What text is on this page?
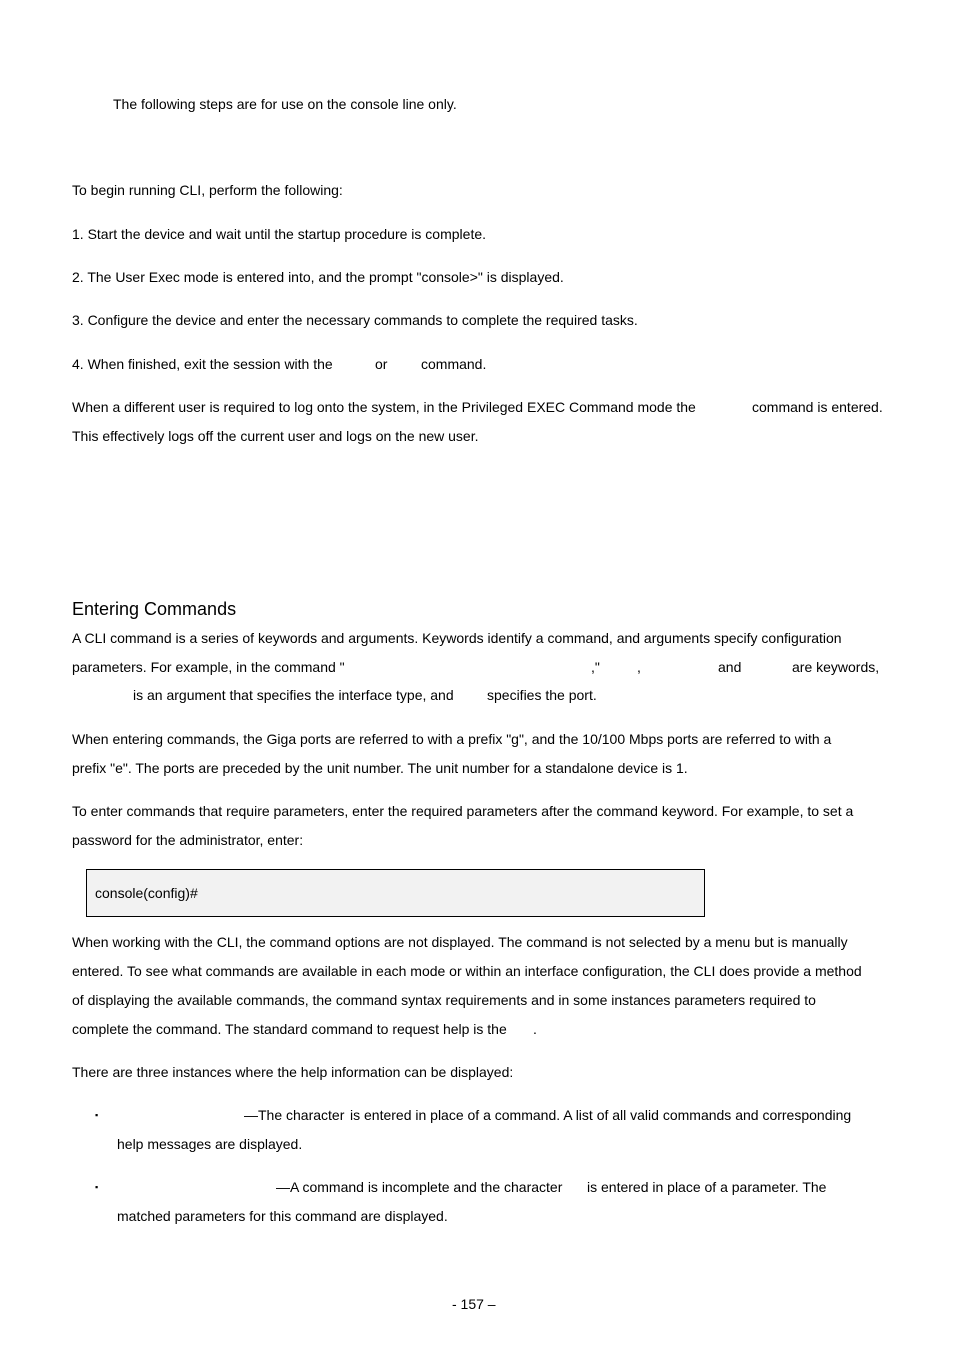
The following steps are for use on the console line only.
To begin running CLI, perform the following:
1. Start the device and wait until the startup procedure is complete.
2. The User Exec mode is entered into, and the prompt "console>" is displayed.
3. Configure the device and enter the necessary commands to complete the required tasks.
4. When finished, exit the session with the	or command.
When a different user is required to log onto the system, in the Privileged EXEC Command mode the	command is entered.
This effectively logs off the current user and logs on the new user.
Entering Commands
A CLI command is a series of keywords and arguments. Keywords identify a command, and arguments specify configuration
parameters. For example, in the command "	,"	,	and	are keywords,
is an argument that specifies the interface type, and specifies the port.
When entering commands, the Giga ports are referred to with a prefix "g", and the 10/100 Mbps ports are referred to with a
prefix "e". The ports are preceded by the unit number. The unit number for a standalone device is 1.
To enter commands that require parameters, enter the required parameters after the command keyword. For example, to set a
password for the administrator, enter:
console(config)#
When working with the CLI, the command options are not displayed. The command is not selected by a menu but is manually
entered. To see what commands are available in each mode or within an interface configuration, the CLI does provide a method
of displaying the available commands, the command syntax requirements and in some instances parameters required to
complete the command. The standard command to request help is the .
There are three instances where the help information can be displayed:
▪	—The character is entered in place of a command. A list of all valid commands and corresponding
help messages are displayed.
▪	—A command is incomplete and the character is entered in place of a parameter. The
matched parameters for this command are displayed.
- 157 –
